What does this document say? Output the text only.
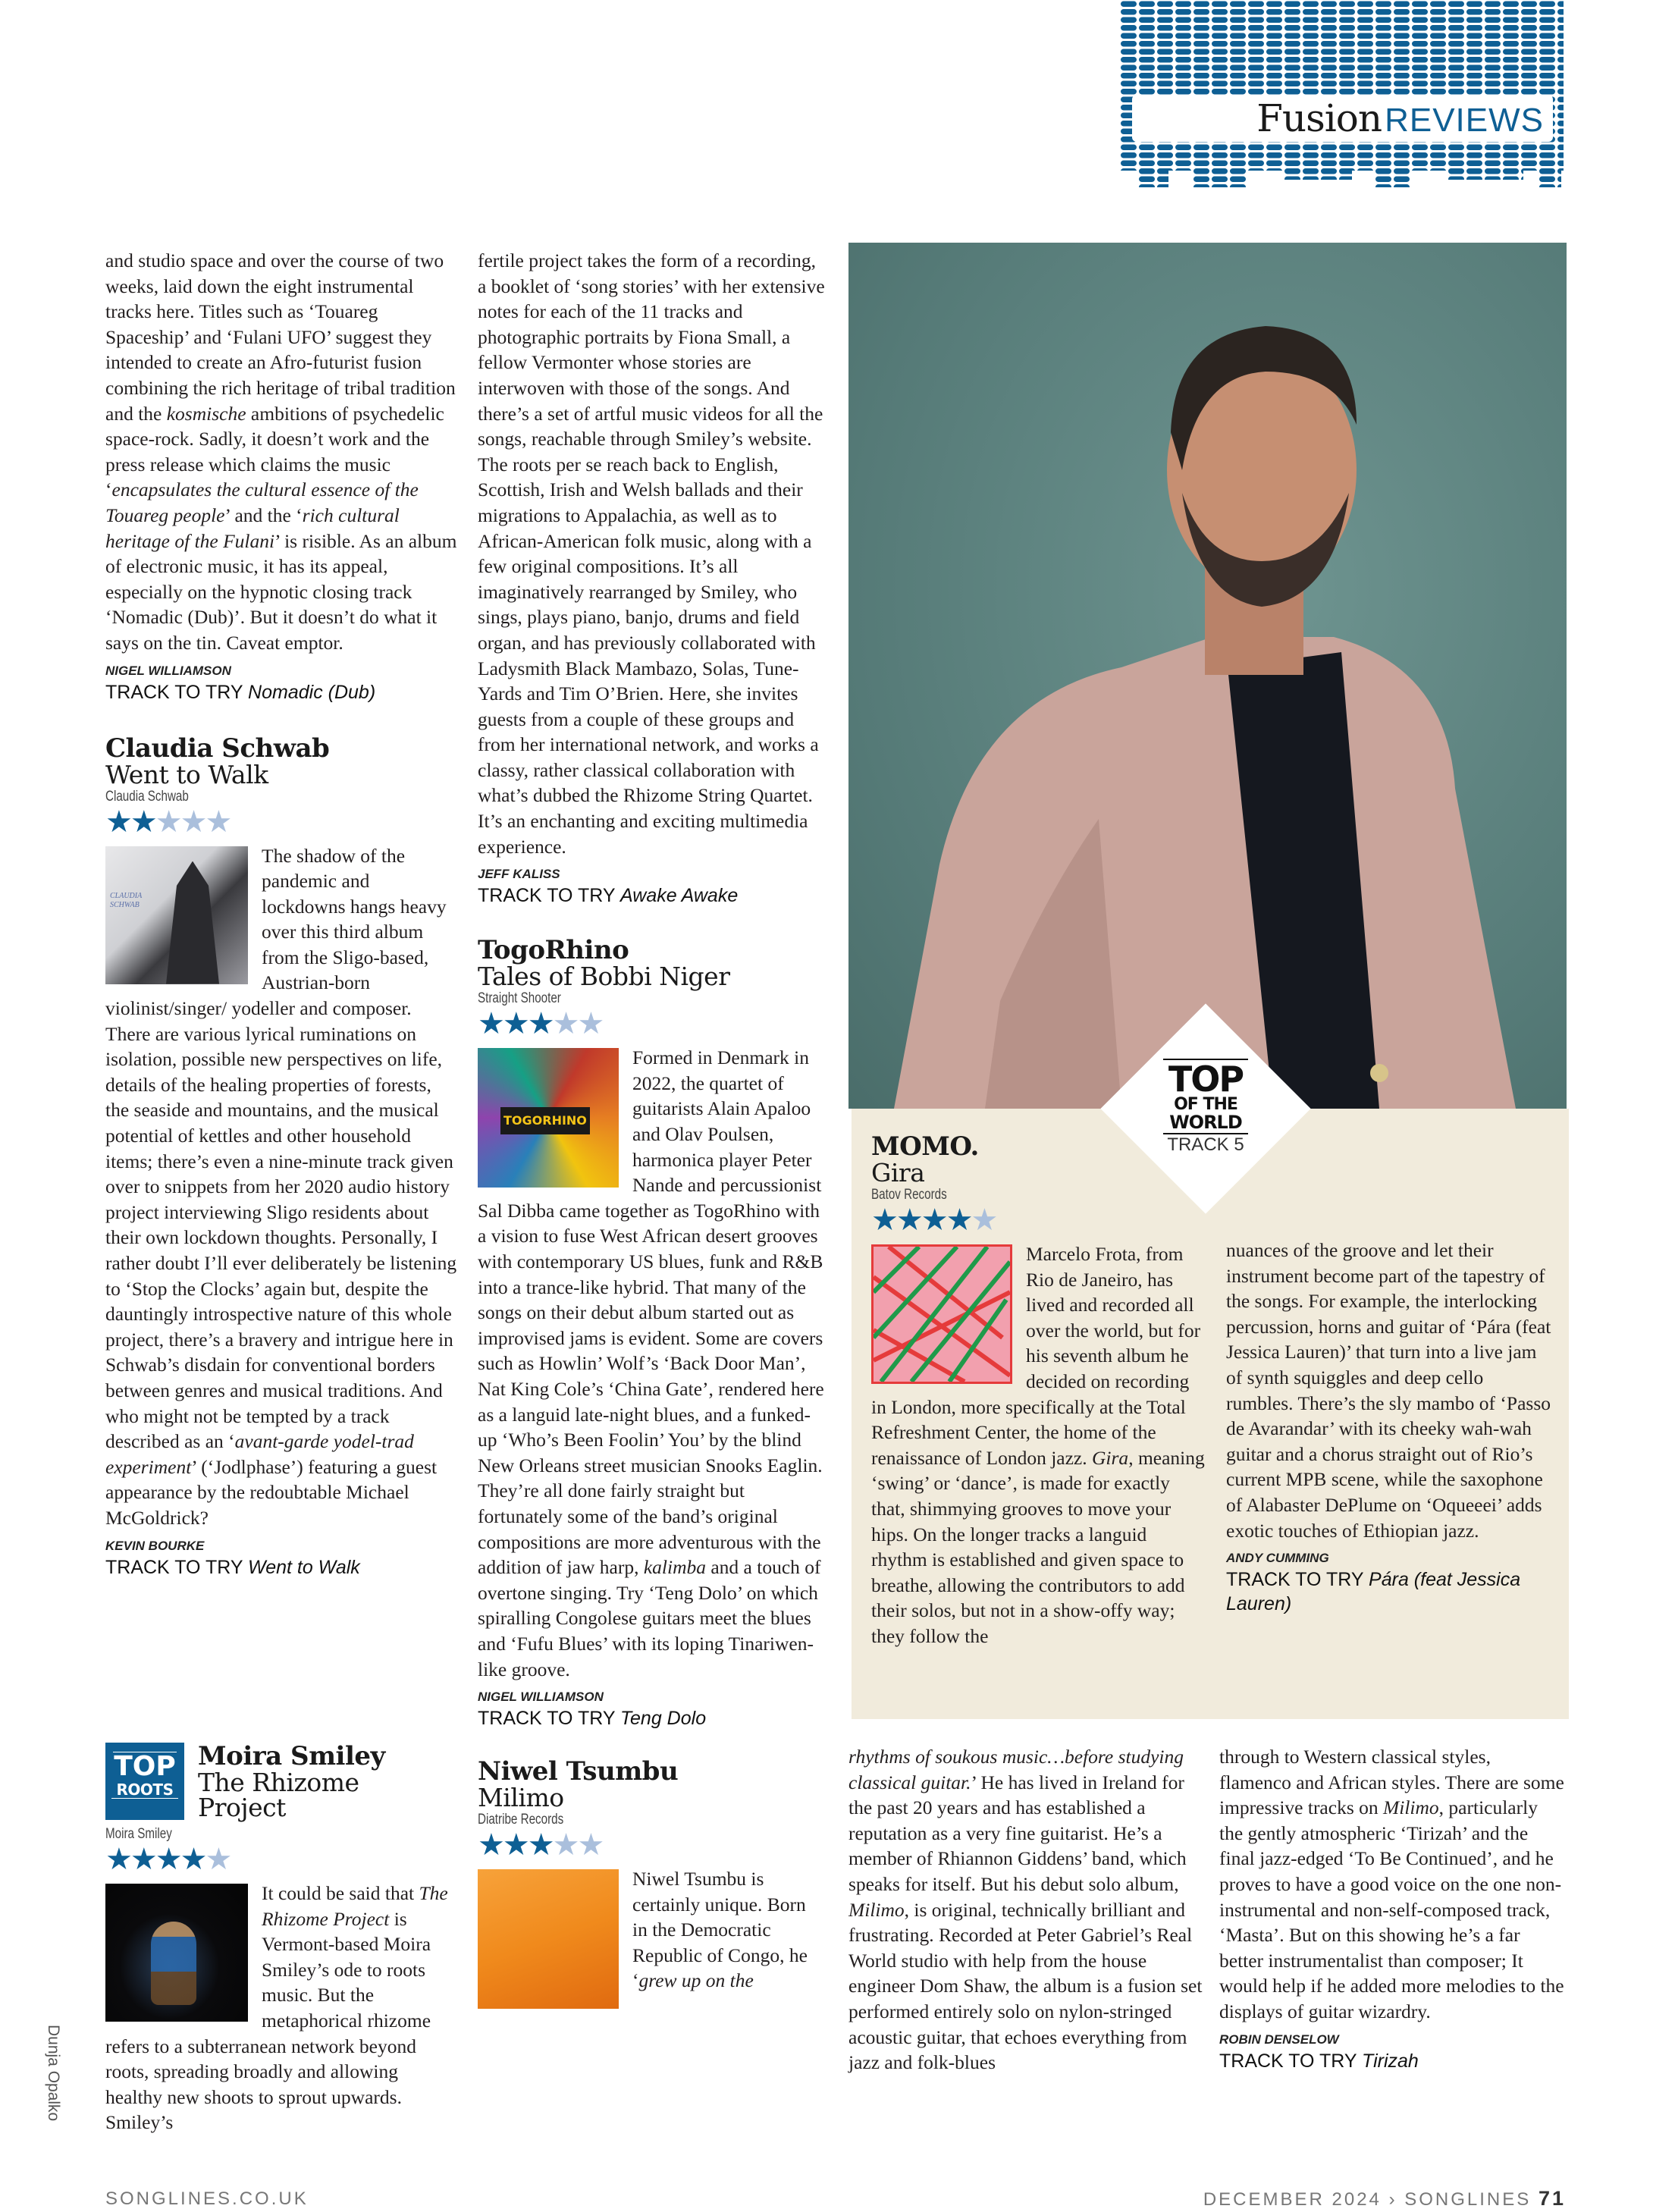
Fusion REVIEWS

and studio space and over the course of two weeks, laid down the eight instrumental tracks here. Titles such as ‘Touareg Spaceship’ and ‘Fulani UFO’ suggest they intended to create an Afro-futurist fusion combining the rich heritage of tribal tradition and the kosmische ambitions of psychedelic space-rock. Sadly, it doesn’t work and the press release which claims the music ‘encapsulates the cultural essence of the Touareg people’ and the ‘rich cultural heritage of the Fulani’ is risible. As an album of electronic music, it has its appeal, especially on the hypnotic closing track ‘Nomadic (Dub)’. But it doesn’t do what it says on the tin. Caveat emptor.

NIGEL WILLIAMSON
TRACK TO TRY Nomadic (Dub)
Claudia Schwab
Went to Walk
Claudia Schwab
★★★★★
CLAUDIA SCHWAB

The shadow of the pandemic and lockdowns hangs heavy over this third album from the Sligo-based, Austrian-born violinist/singer/ yodeller and composer. There are various lyrical ruminations on isolation, possible new perspectives on life, details of the healing properties of forests, the seaside and mountains, and the musical potential of kettles and other household items; there’s even a nine-minute track given over to snippets from her 2020 audio history project interviewing Sligo residents about their own lockdown thoughts. Personally, I rather doubt I’ll ever deliberately be listening to ‘Stop the Clocks’ again but, despite the dauntingly introspective nature of this whole project, there’s a bravery and intrigue here in Schwab’s disdain for conventional borders between genres and musical traditions. And who might not be tempted by a track described as an ‘avant-garde yodel-trad experiment’ (‘Jodlphase’) featuring a guest appearance by the redoubtable Michael McGoldrick?

KEVIN BOURKE
TRACK TO TRY Went to Walk
TOP
ROOTS
Moira Smiley
The Rhizome
Project
Moira Smiley
★★★★★

It could be said that The Rhizome Project is Vermont-based Moira Smiley’s ode to roots music. But the metaphorical rhizome refers to a subterranean network beyond roots, spreading broadly and allowing healthy new shoots to sprout upwards. Smiley’s

fertile project takes the form of a recording, a booklet of ‘song stories’ with her extensive notes for each of the 11 tracks and photographic portraits by Fiona Small, a fellow Vermonter whose stories are interwoven with those of the songs. And there’s a set of artful music videos for all the songs, reachable through Smiley’s website. The roots per se reach back to English, Scottish, Irish and Welsh ballads and their migrations to Appalachia, as well as to African-American folk music, along with a few original compositions. It’s all imaginatively rearranged by Smiley, who sings, plays piano, banjo, drums and field organ, and has previously collaborated with Ladysmith Black Mambazo, Solas, Tune-Yards and Tim O’Brien. Here, she invites guests from a couple of these groups and from her international network, and works a classy, rather classical collaboration with what’s dubbed the Rhizome String Quartet. It’s an enchanting and exciting multimedia experience.

JEFF KALISS
TRACK TO TRY Awake Awake
TogoRhino
Tales of Bobbi Niger
Straight Shooter
★★★★★
TOGORHINO

Formed in Denmark in 2022, the quartet of guitarists Alain Apaloo and Olav Poulsen, harmonica player Peter Nande and percussionist Sal Dibba came together as TogoRhino with a vision to fuse West African desert grooves with contemporary US blues, funk and R&B into a trance-like hybrid. That many of the songs on their debut album started out as improvised jams is evident. Some are covers such as Howlin’ Wolf’s ‘Back Door Man’, Nat King Cole’s ‘China Gate’, rendered here as a languid late-night blues, and a funked-up ‘Who’s Been Foolin’ You’ by the blind New Orleans street musician Snooks Eaglin. They’re all done fairly straight but fortunately some of the band’s original compositions are more adventurous with the addition of jaw harp, kalimba and a touch of overtone singing. Try ‘Teng Dolo’ on which spiralling Congolese guitars meet the blues and ‘Fufu Blues’ with its loping Tinariwen-like groove.

NIGEL WILLIAMSON
TRACK TO TRY Teng Dolo
Niwel Tsumbu
Milimo
Diatribe Records
★★★★★

Niwel Tsumbu is certainly unique. Born in the Democratic Republic of Congo, he ‘grew up on the

Dunja Opalko
TOP
OF THE
WORLD
TRACK 5
MOMO.
Gira
Batov Records
★★★★★

Marcelo Frota, from Rio de Janeiro, has lived and recorded all over the world, but for his seventh album he decided on recording in London, more specifically at the Total Refreshment Center, the home of the renaissance of London jazz. Gira, meaning ‘swing’ or ‘dance’, is made for exactly that, shimmying grooves to move your hips. On the longer tracks a languid rhythm is established and given space to breathe, allowing the contributors to add their solos, but not in a show-offy way; they follow the

nuances of the groove and let their instrument become part of the tapestry of the songs. For example, the interlocking percussion, horns and guitar of ‘Pára (feat Jessica Lauren)’ that turn into a live jam of synth squiggles and deep cello rumbles. There’s the sly mambo of ‘Passo de Avarandar’ with its cheeky wah-wah guitar and a chorus straight out of Rio’s current MPB scene, while the saxophone of Alabaster DePlume on ‘Oqueeei’ adds exotic touches of Ethiopian jazz.

ANDY CUMMING
TRACK TO TRY Pára (feat Jessica Lauren)

rhythms of soukous music…before studying classical guitar.’ He has lived in Ireland for the past 20 years and has established a reputation as a very fine guitarist. He’s a member of Rhiannon Giddens’ band, which speaks for itself. But his debut solo album, Milimo, is original, technically brilliant and frustrating. Recorded at Peter Gabriel’s Real World studio with help from the house engineer Dom Shaw, the album is a fusion set performed entirely solo on nylon-stringed acoustic guitar, that echoes everything from jazz and folk-blues

through to Western classical styles, flamenco and African styles. There are some impressive tracks on Milimo, particularly the gently atmospheric ‘Tirizah’ and the final jazz-edged ‘To Be Continued’, and he proves to have a good voice on the one non-instrumental and non-self-composed track, ‘Masta’. But on this showing he’s a far better instrumentalist than composer; It would help if he added more melodies to the displays of guitar wizardry.

ROBIN DENSELOW
TRACK TO TRY Tirizah
SONGLINES.CO.UK	DECEMBER 2024 › SONGLINES 71
